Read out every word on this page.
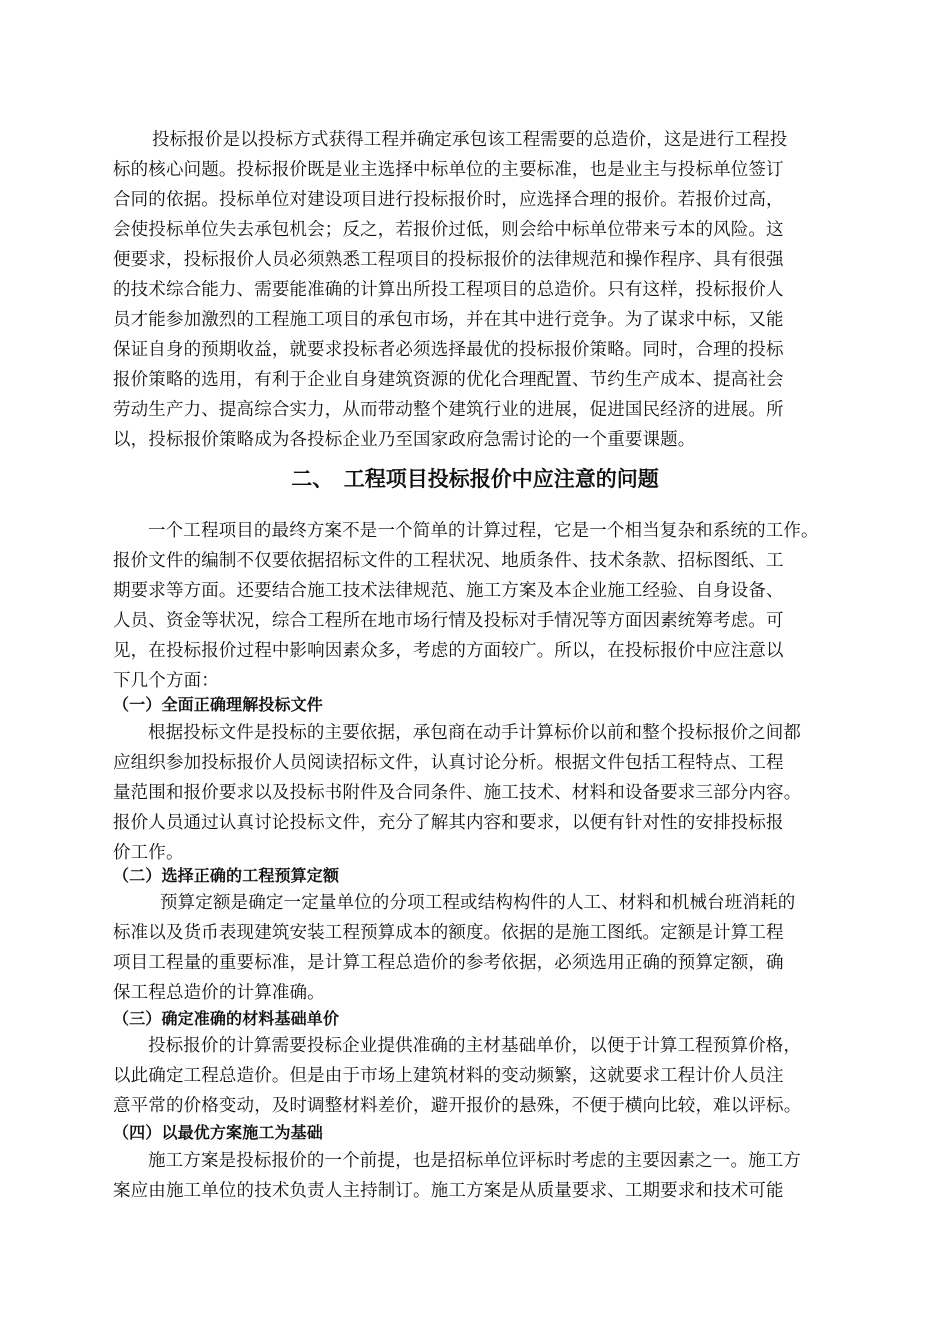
投标报价是以投标方式获得工程并确定承包该工程需要的总造价，这是进行工程投
标的核心问题。投标报价既是业主选择中标单位的主要标准，也是业主与投标单位签订
合同的依据。投标单位对建设项目进行投标报价时，应选择合理的报价。若报价过高，
会使投标单位失去承包机会；反之，若报价过低，则会给中标单位带来亏本的风险。这
便要求，投标报价人员必须熟悉工程项目的投标报价的法律规范和操作程序、具有很强
的技术综合能力、需要能准确的计算出所投工程项目的总造价。只有这样，投标报价人
员才能参加激烈的工程施工项目的承包市场，并在其中进行竞争。为了谋求中标，又能
保证自身的预期收益，就要求投标者必须选择最优的投标报价策略。同时，合理的投标
报价策略的选用，有利于企业自身建筑资源的优化合理配置、节约生产成本、提高社会
劳动生产力、提高综合实力，从而带动整个建筑行业的进展，促进国民经济的进展。所
以，投标报价策略成为各投标企业乃至国家政府急需讨论的一个重要课题。
二、　工程项目投标报价中应注意的问题
一个工程项目的最终方案不是一个简单的计算过程，它是一个相当复杂和系统的工作。
报价文件的编制不仅要依据招标文件的工程状况、地质条件、技术条款、招标图纸、工
期要求等方面。还要结合施工技术法律规范、施工方案及本企业施工经验、自身设备、
人员、资金等状况，综合工程所在地市场行情及投标对手情况等方面因素统筹考虑。可
见，在投标报价过程中影响因素众多，考虑的方面较广。所以，在投标报价中应注意以
下几个方面：
（一）全面正确理解投标文件
根据投标文件是投标的主要依据，承包商在动手计算标价以前和整个投标报价之间都
应组织参加投标报价人员阅读招标文件，认真讨论分析。根据文件包括工程特点、工程
量范围和报价要求以及投标书附件及合同条件、施工技术、材料和设备要求三部分内容。
报价人员通过认真讨论投标文件，充分了解其内容和要求，以便有针对性的安排投标报
价工作。
（二）选择正确的工程预算定额
预算定额是确定一定量单位的分项工程或结构构件的人工、材料和机械台班消耗的
标准以及货币表现建筑安装工程预算成本的额度。依据的是施工图纸。定额是计算工程
项目工程量的重要标准，是计算工程总造价的参考依据，必须选用正确的预算定额，确
保工程总造价的计算准确。
（三）确定准确的材料基础单价
投标报价的计算需要投标企业提供准确的主材基础单价，以便于计算工程预算价格，
以此确定工程总造价。但是由于市场上建筑材料的变动频繁，这就要求工程计价人员注
意平常的价格变动，及时调整材料差价，避开报价的悬殊，不便于横向比较，难以评标。
（四）以最优方案施工为基础
施工方案是投标报价的一个前提，也是招标单位评标时考虑的主要因素之一。施工方
案应由施工单位的技术负责人主持制订。施工方案是从质量要求、工期要求和技术可能
